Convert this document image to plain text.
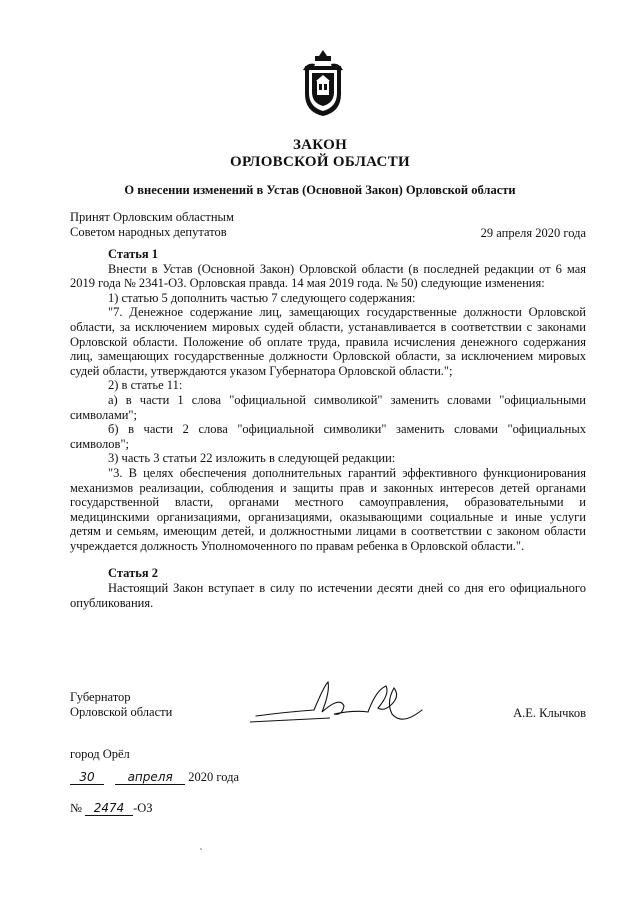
ЗАКОН
ОРЛОВСКОЙ ОБЛАСТИ
О внесении изменений в Устав (Основной Закон) Орловской области
Принят Орловским областным
Советом народных депутатов	29 апреля 2020 года

Статья 1

Внести в Устав (Основной Закон) Орловской области (в последней редакции от 6 мая 2019 года № 2341-ОЗ. Орловская правда. 14 мая 2019 года. № 50) следующие изменения:

1) статью 5 дополнить частью 7 следующего содержания:

"7. Денежное содержание лиц, замещающих государственные должности Орловской области, за исключением мировых судей области, устанавливается в соответствии с законами Орловской области. Положение об оплате труда, правила исчисления денежного содержания лиц, замещающих государственные должности Орловской области, за исключением мировых судей области, утверждаются указом Губернатора Орловской области.";

2) в статье 11:

а) в части 1 слова "официальной символикой" заменить словами "официальными символами";

б) в части 2 слова "официальной символики" заменить словами "официальных символов";

3) часть 3 статьи 22 изложить в следующей редакции:

"3. В целях обеспечения дополнительных гарантий эффективного функционирования механизмов реализации, соблюдения и защиты прав и законных интересов детей органами государственной власти, органами местного самоуправления, образовательными и медицинскими организациями, организациями, оказывающими социальные и иные услуги детям и семьям, имеющим детей, и должностными лицами в соответствии с законом области учреждается должность Уполномоченного по правам ребенка в Орловской области.".

Статья 2

Настоящий Закон вступает в силу по истечении десяти дней со дня его официального опубликования.

Губернатор
Орловской области	А.Е. Клычков
город Орёл
30	апреля 2020 года
№ 2474 -ОЗ
